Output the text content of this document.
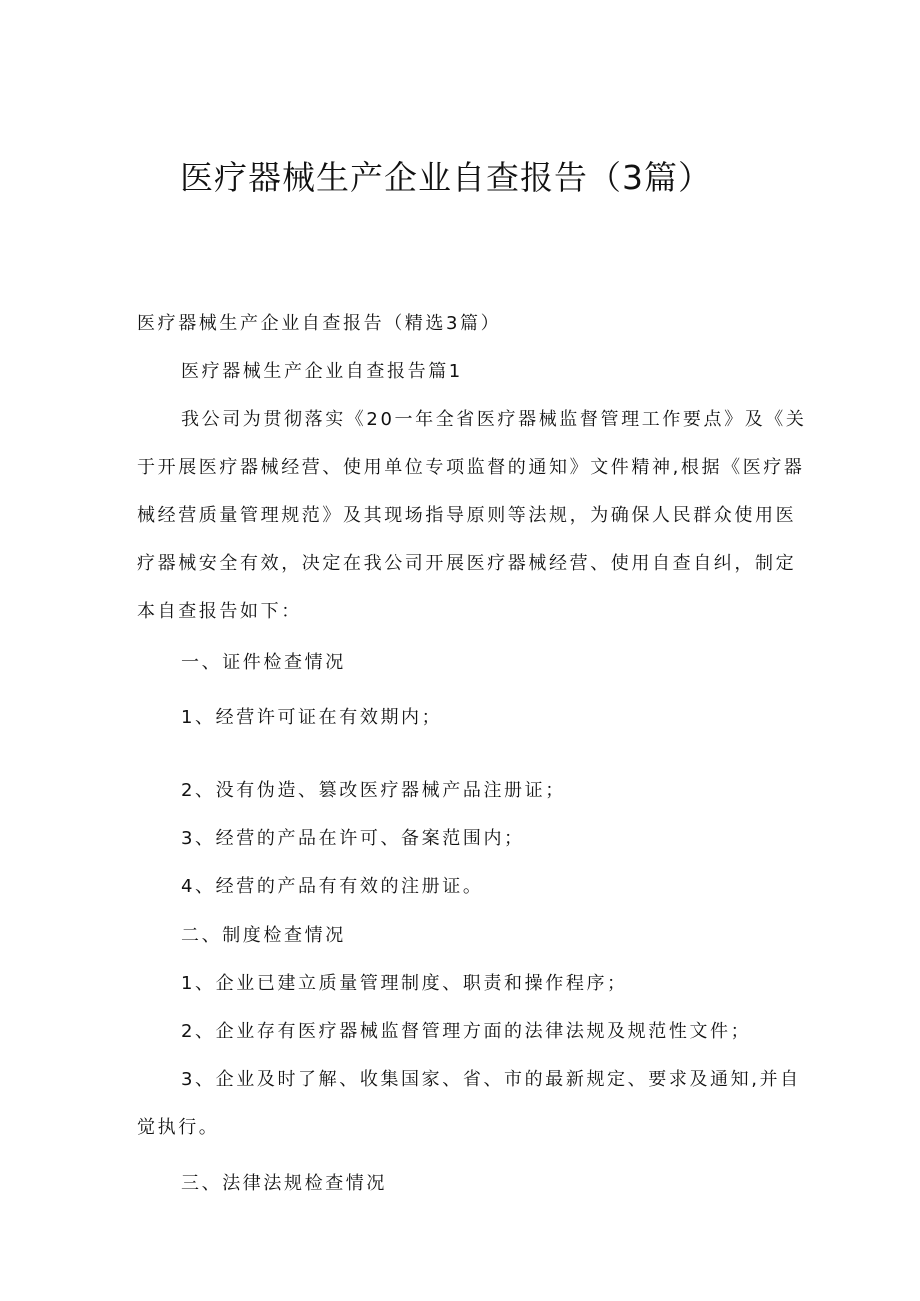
医疗器械生产企业自查报告（3篇）
医疗器械生产企业自查报告（精选3篇）
医疗器械生产企业自查报告篇1
我公司为贯彻落实《20一年全省医疗器械监督管理工作要点》及《关
于开展医疗器械经营、使用单位专项监督的通知》文件精神,根据《医疗器
械经营质量管理规范》及其现场指导原则等法规，为确保人民群众使用医
疗器械安全有效，决定在我公司开展医疗器械经营、使用自查自纠，制定
本自查报告如下：
一、证件检查情况
1、经营许可证在有效期内；
2、没有伪造、篡改医疗器械产品注册证；
3、经营的产品在许可、备案范围内；
4、经营的产品有有效的注册证。
二、制度检查情况
1、企业已建立质量管理制度、职责和操作程序；
2、企业存有医疗器械监督管理方面的法律法规及规范性文件；
3、企业及时了解、收集国家、省、市的最新规定、要求及通知,并自
觉执行。
三、法律法规检查情况
